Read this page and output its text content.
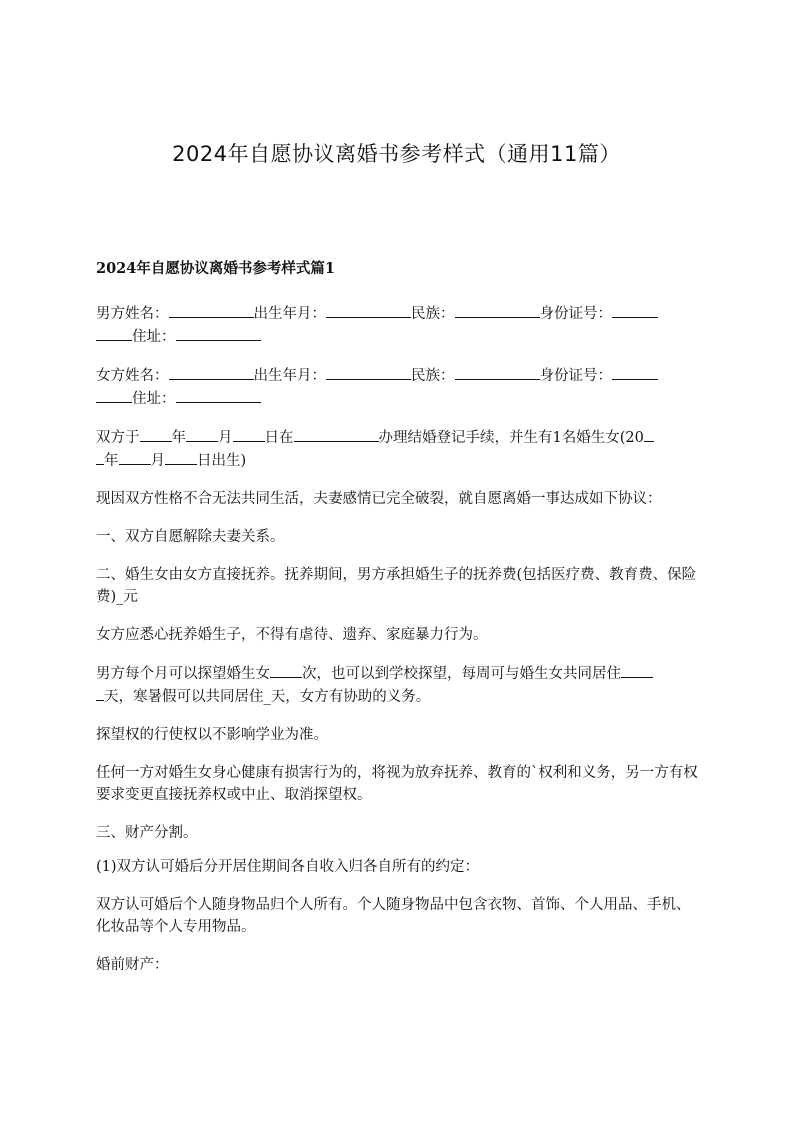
2024年自愿协议离婚书参考样式（通用11篇）

2024年自愿协议离婚书参考样式篇1

男方姓名：	出生年月：	民族：	身份证号：
住址：

女方姓名：	出生年月：	民族：	身份证号：
住址：

双方于 年 月 日在	办理结婚登记手续，并生有1名婚生女(20
年 月 日出生)

现因双方性格不合无法共同生活，夫妻感情已完全破裂，就自愿离婚一事达成如下协议：

一、双方自愿解除夫妻关系。

二、婚生女由女方直接抚养。抚养期间，男方承担婚生子的抚养费(包括医疗费、教育费、保险费)_元

女方应悉心抚养婚生子，不得有虐待、遗弃、家庭暴力行为。

男方每个月可以探望婚生女 次，也可以到学校探望，每周可与婚生女共同居住
天，寒暑假可以共同居住_天，女方有协助的义务。

探望权的行使权以不影响学业为准。

任何一方对婚生女身心健康有损害行为的，将视为放弃抚养、教育的`权利和义务，另一方有权要求变更直接抚养权或中止、取消探望权。

三、财产分割。

(1)双方认可婚后分开居住期间各自收入归各自所有的约定：

双方认可婚后个人随身物品归个人所有。个人随身物品中包含衣物、首饰、个人用品、手机、化妆品等个人专用物品。

婚前财产：
